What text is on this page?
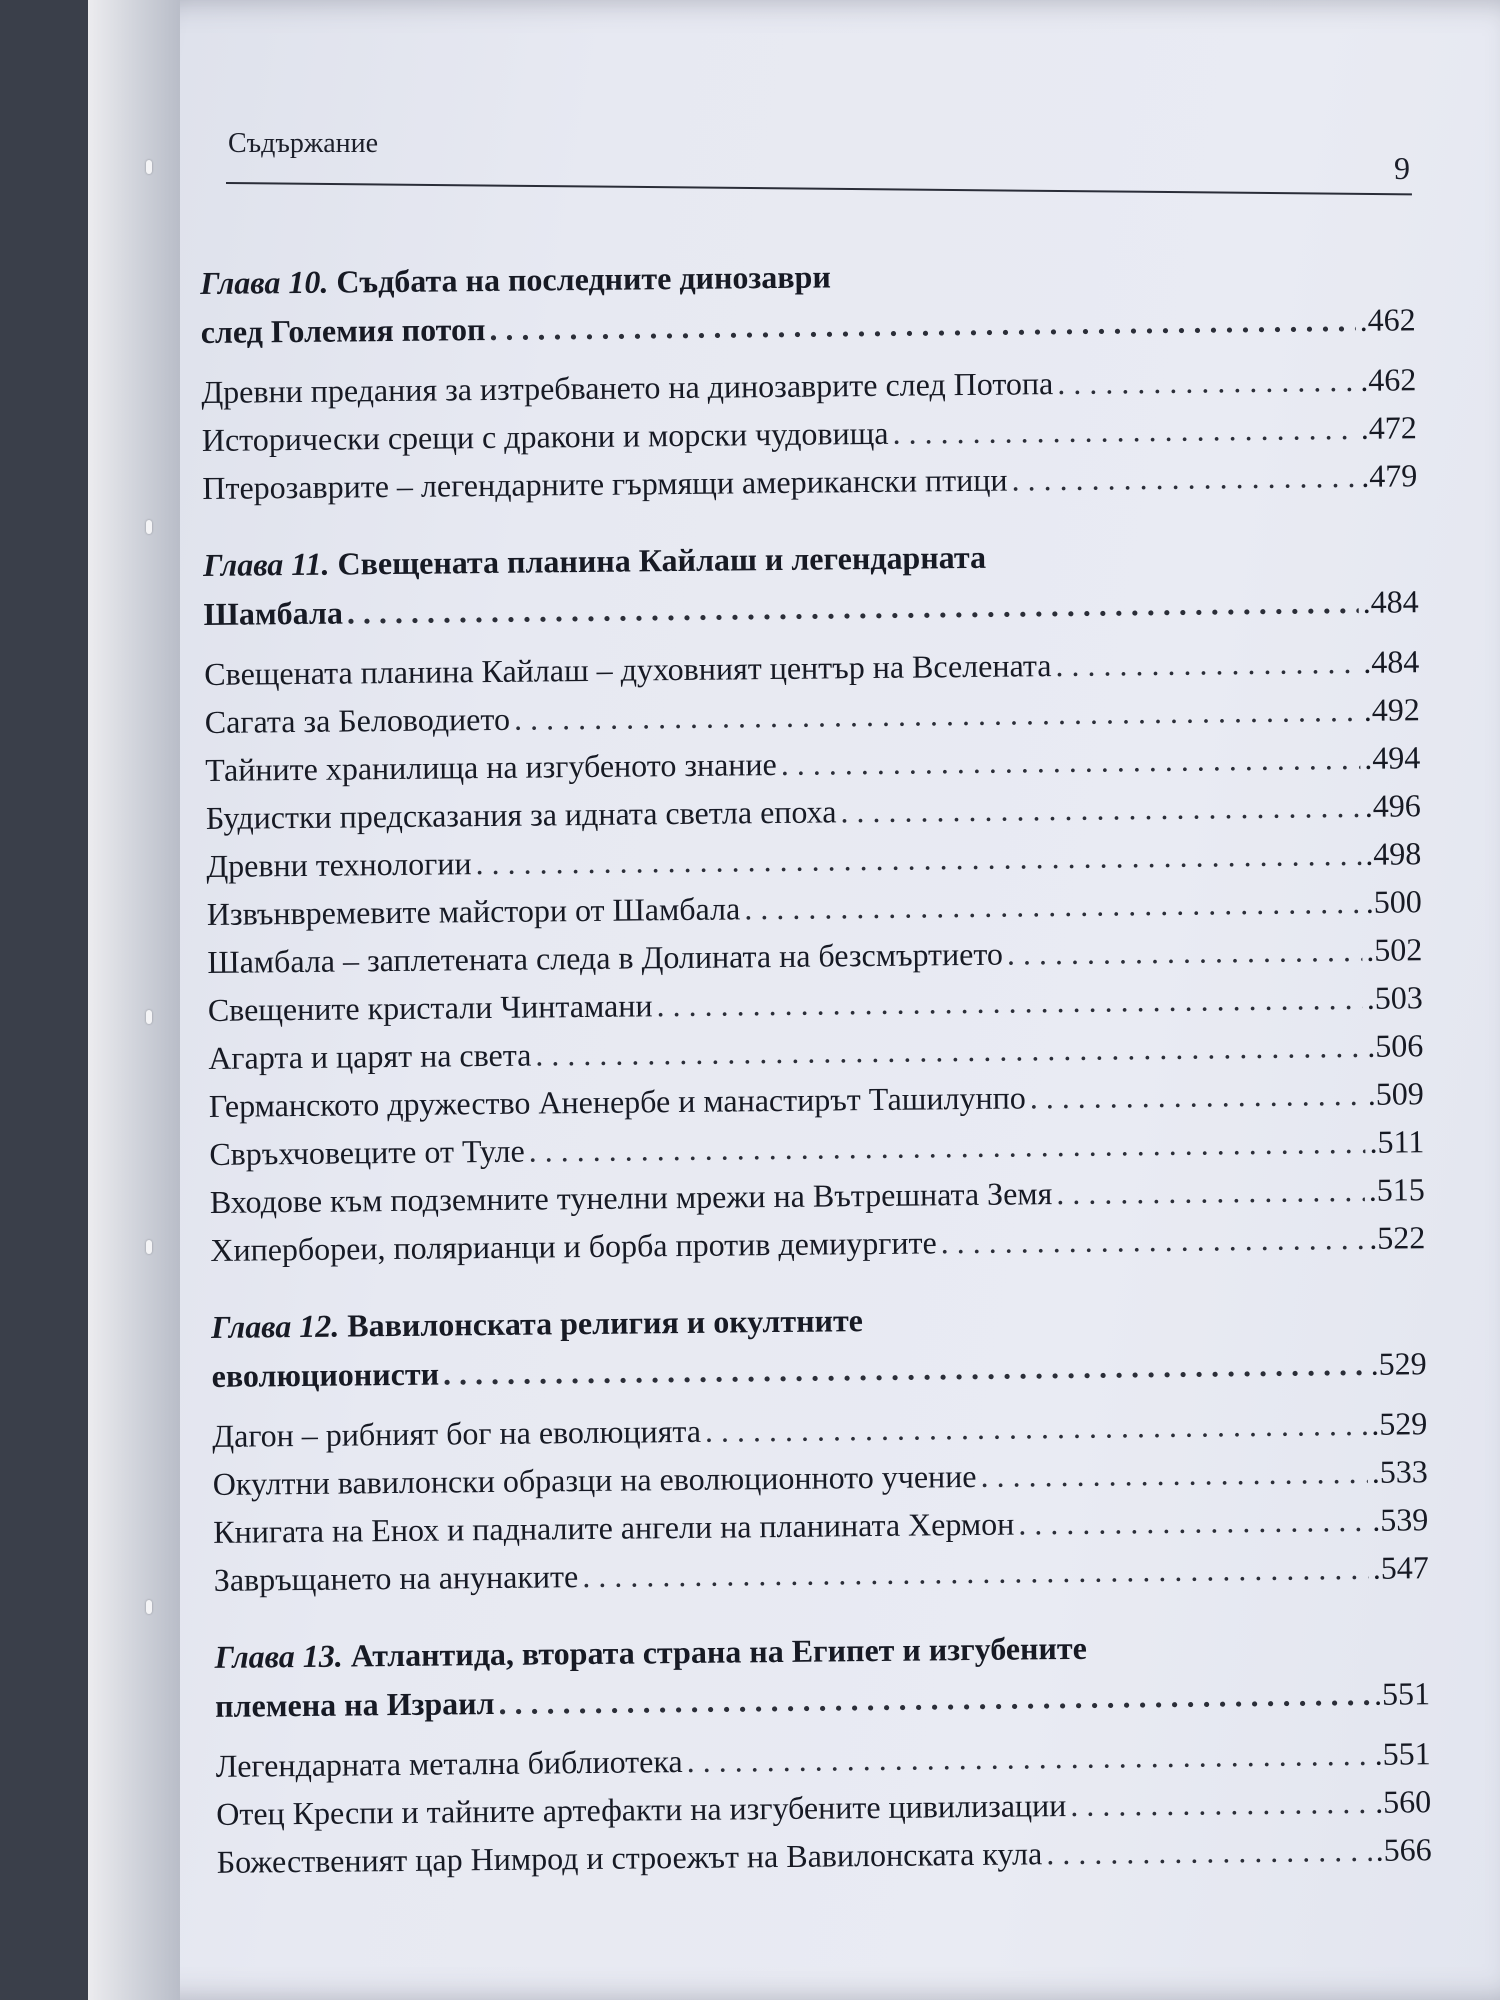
Съдържание
9
Глава 10. Съдбата на последните динозаври
след Големия потоп . . .	.462
Древни предания за изтребването на динозаврите след Потопа . . .	.462
Исторически срещи с дракони и морски чудовища . . .	.472
Птерозаврите – легендарните гърмящи американски птици . . .	.479
Глава 11. Свещената планина Кайлаш и легендарната
Шамбала . . .	.484
Свещената планина Кайлаш – духовният център на Вселената . . .	.484
Сагата за Беловодието . . .	.492
Тайните хранилища на изгубеното знание . . .	.494
Будистки предсказания за идната светла епоха . . .	.496
Древни технологии . . .	.498
Извънвремевите майстори от Шамбала . . .	.500
Шамбала – заплетената следа в Долината на безсмъртието . . .	.502
Свещените кристали Чинтамани . . .	.503
Агарта и царят на света . . .	.506
Германското дружество Аненербе и манастирът Ташилунпо . . .	.509
Свръхчовеците от Туле . . .	.511
Входове към подземните тунелни мрежи на Вътрешната Земя . . .	.515
Хипербореи, полярианци и борба против демиургите . . .	.522
Глава 12. Вавилонската религия и окултните
еволюционисти . . .	.529
Дагон – рибният бог на еволюцията . . .	.529
Окултни вавилонски образци на еволюционното учение . . .	.533
Книгата на Енох и падналите ангели на планината Хермон . . .	.539
Завръщането на анунаките . . .	.547
Глава 13. Атлантида, втората страна на Египет и изгубените
племена на Израил . . .	.551
Легендарната метална библиотека . . .	.551
Отец Креспи и тайните артефакти на изгубените цивилизации . . .	.560
Божественият цар Нимрод и строежът на Вавилонската кула . . .	.566
